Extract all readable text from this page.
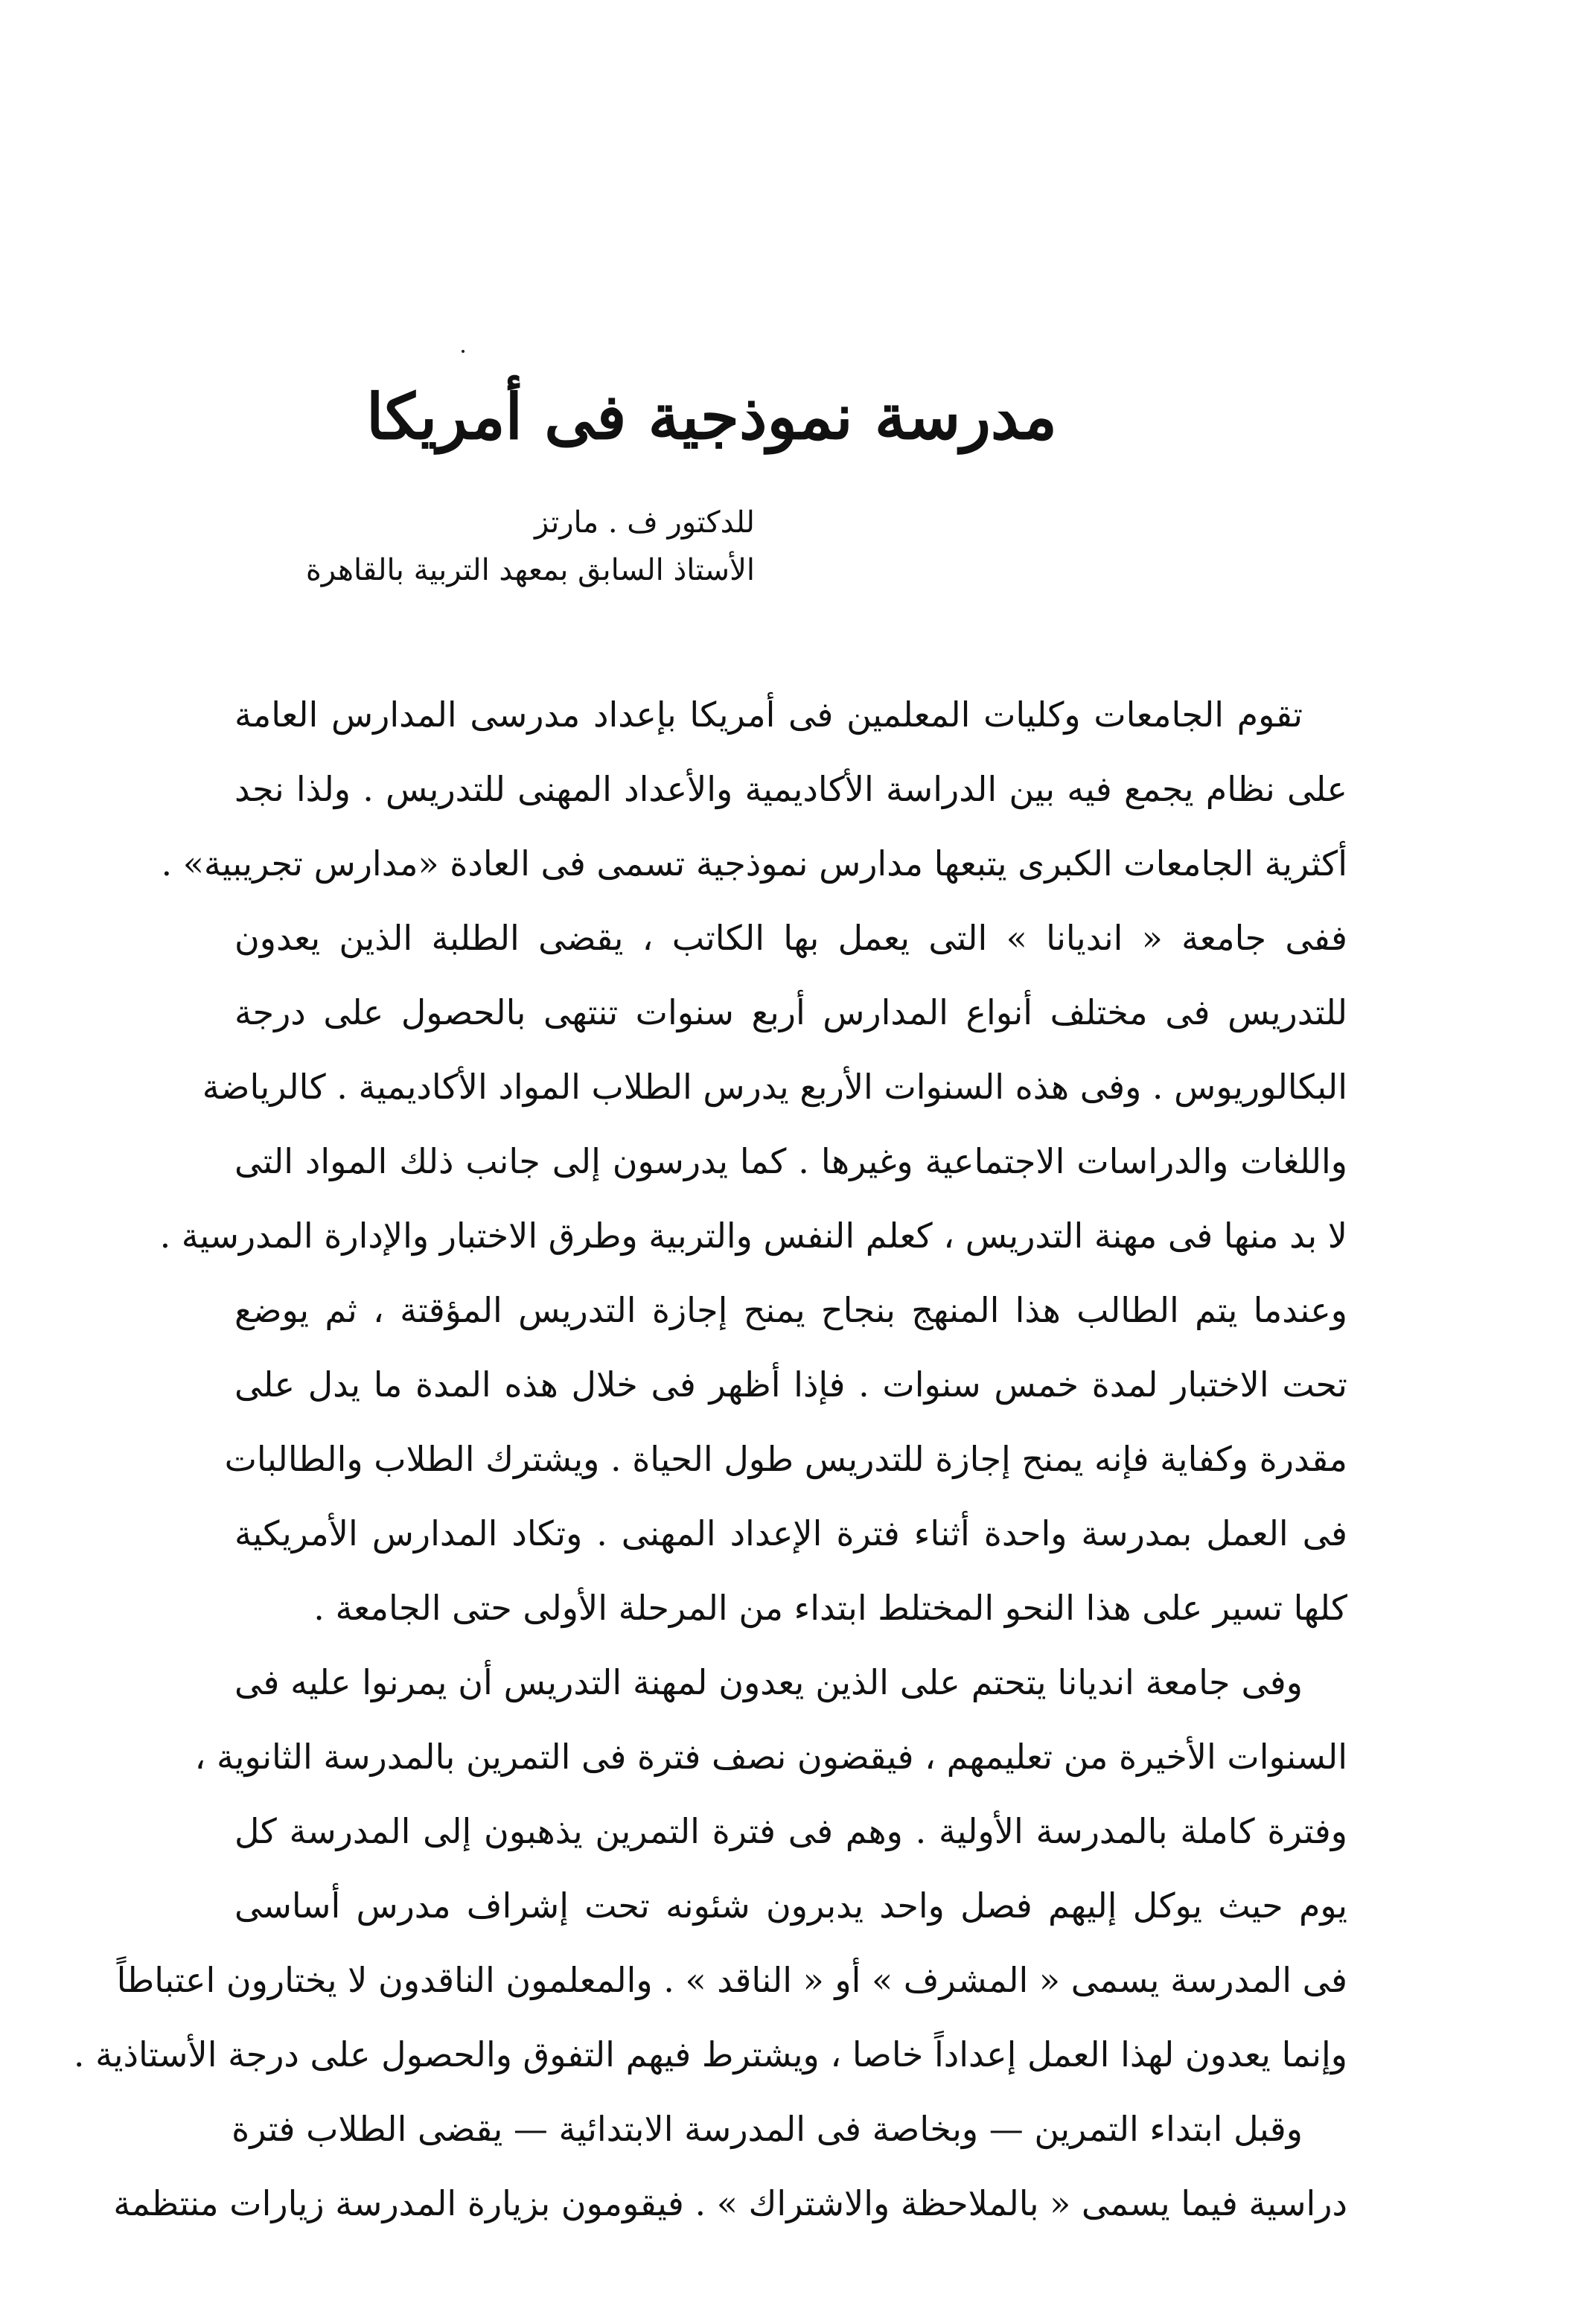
مدرسة نموذجية فى أمريكا
للدكتور ف . مارتز
الأستاذ السابق بمعهد التربية بالقاهرة
تقوم الجامعات وكليات المعلمين فى أمريكا بإعداد مدرسى المدارس العامة
على نظام يجمع فيه بين الدراسة الأكاديمية والأعداد المهنى للتدريس . ولذا نجد
أكثرية الجامعات الكبرى يتبعها مدارس نموذجية تسمى فى العادة «مدارس تجريبية» .
ففى جامعة « انديانا » التى يعمل بها الكاتب ، يقضى الطلبة الذين يعدون
للتدريس فى مختلف أنواع المدارس أربع سنوات تنتهى بالحصول على درجة
البكالوريوس . وفى هذه السنوات الأربع يدرس الطلاب المواد الأكاديمية . كالرياضة
واللغات والدراسات الاجتماعية وغيرها . كما يدرسون إلى جانب ذلك المواد التى
لا بد منها فى مهنة التدريس ، كعلم النفس والتربية وطرق الاختبار والإدارة المدرسية .
وعندما يتم الطالب هذا المنهج بنجاح يمنح إجازة التدريس المؤقتة ، ثم يوضع
تحت الاختبار لمدة خمس سنوات . فإذا أظهر فى خلال هذه المدة ما يدل على
مقدرة وكفاية فإنه يمنح إجازة للتدريس طول الحياة . ويشترك الطلاب والطالبات
فى العمل بمدرسة واحدة أثناء فترة الإعداد المهنى . وتكاد المدارس الأمريكية
كلها تسير على هذا النحو المختلط ابتداء من المرحلة الأولى حتى الجامعة .
وفى جامعة انديانا يتحتم على الذين يعدون لمهنة التدريس أن يمرنوا عليه فى
السنوات الأخيرة من تعليمهم ، فيقضون نصف فترة فى التمرين بالمدرسة الثانوية ،
وفترة كاملة بالمدرسة الأولية . وهم فى فترة التمرين يذهبون إلى المدرسة كل
يوم حيث يوكل إليهم فصل واحد يدبرون شئونه تحت إشراف مدرس أساسى
فى المدرسة يسمى « المشرف » أو « الناقد » . والمعلمون الناقدون لا يختارون اعتباطاً
وإنما يعدون لهذا العمل إعداداً خاصا ، ويشترط فيهم التفوق والحصول على درجة الأستاذية .
وقبل ابتداء التمرين — وبخاصة فى المدرسة الابتدائية — يقضى الطلاب فترة
دراسية فيما يسمى « بالملاحظة والاشتراك » . فيقومون بزيارة المدرسة زيارات منتظمة
